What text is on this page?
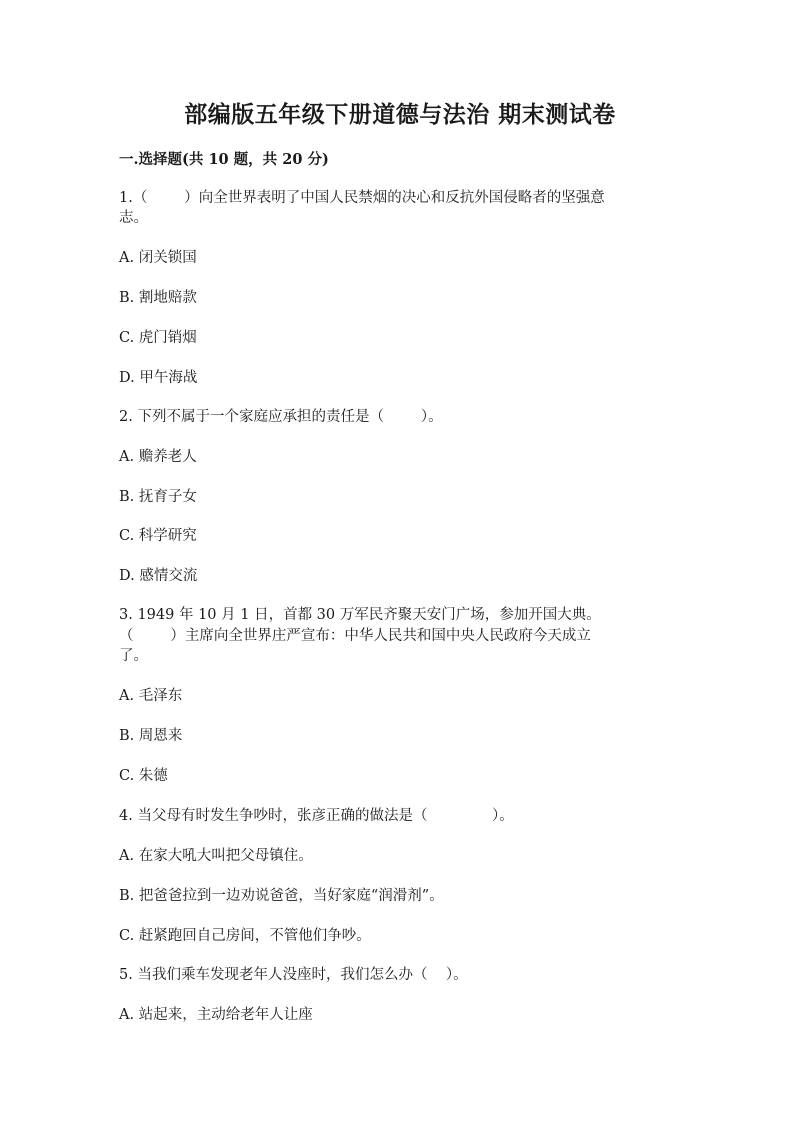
部编版五年级下册道德与法治 期末测试卷
一.选择题(共 10 题，共 20 分)

1.（        ）向全世界表明了中国人民禁烟的决心和反抗外国侵略者的坚强意

志。

A. 闭关锁国

B. 割地赔款

C. 虎门销烟

D. 甲午海战

2. 下列不属于一个家庭应承担的责任是（        ）。

A. 赡养老人

B. 抚育子女

C. 科学研究

D. 感情交流

3. 1949 年 10 月 1 日，首都 30 万军民齐聚天安门广场，参加开国大典。

（        ）主席向全世界庄严宣布：中华人民共和国中央人民政府今天成立

了。

A. 毛泽东

B. 周恩来

C. 朱德

4. 当父母有时发生争吵时，张彦正确的做法是（              ）。

A. 在家大吼大叫把父母镇住。

B. 把爸爸拉到一边劝说爸爸，当好家庭“润滑剂”。

C. 赶紧跑回自己房间，不管他们争吵。

5. 当我们乘车发现老年人没座时，我们怎么办（    ）。

A. 站起来，主动给老年人让座
